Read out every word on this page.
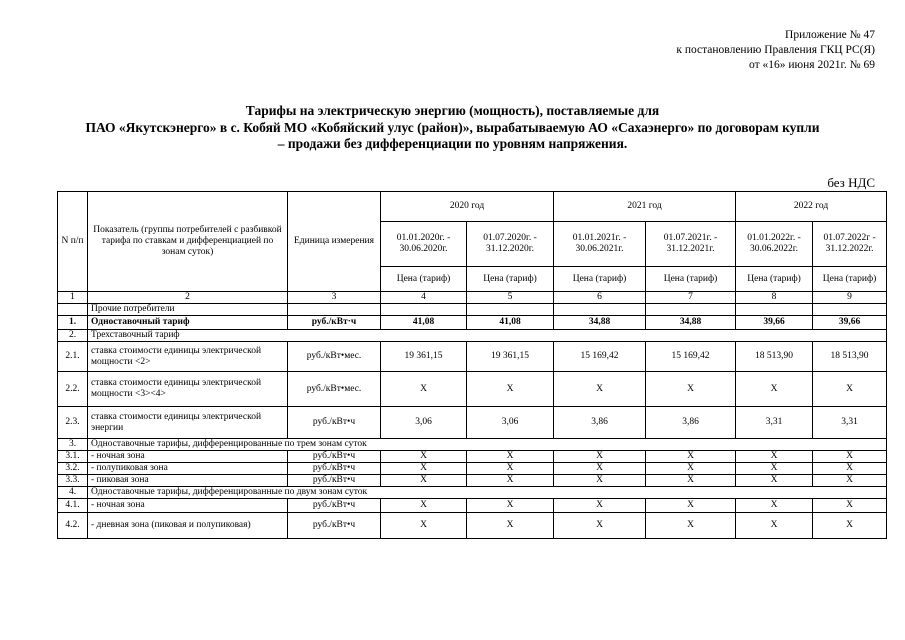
Приложение № 47
к постановлению Правления ГКЦ РС(Я)
от «16» июня 2021г. № 69
Тарифы на электрическую энергию (мощность), поставляемые для
ПАО «Якутскэнерго» в с. Кобяй МО «Кобяйский улус (район)», вырабатываемую АО «Сахаэнерго» по договорам купли
– продажи без дифференциации по уровням напряжения.
без НДС
N п/п	Показатель (группы потребителей с разбивкой тарифа по ставкам и дифференциацией по зонам суток)	Единица измерения	2020 год		2021 год		2022 год	
			01.01.2020г. - 30.06.2020г.	01.07.2020г. - 31.12.2020г.	01.01.2021г. - 30.06.2021г.	01.07.2021г. - 31.12.2021г.	01.01.2022г. - 30.06.2022г.	01.07.2022г - 31.12.2022г.
			Цена (тариф)	Цена (тариф)	Цена (тариф)	Цена (тариф)	Цена (тариф)	Цена (тариф)
1	2	3	4	5	6	7	8	9
	Прочие потребители							
1.	Одноставочный тариф	руб./кВт·ч	41,08	41,08	34,88	34,88	39,66	39,66
2.	Трехставочный тариф							
2.1.	ставка стоимости единицы электрической мощности <2>	руб./кВт•мес.	19 361,15	19 361,15	15 169,42	15 169,42	18 513,90	18 513,90
2.2.	ставка стоимости единицы электрической мощности <3><4>	руб./кВт•мес.	X	X	X	X	X	X
2.3.	ставка стоимости единицы электрической энергии	руб./кВт•ч	3,06	3,06	3,86	3,86	3,31	3,31
3.	Одноставочные тарифы, дифференцированные по трем зонам суток							
3.1.	- ночная зона	руб./кВт•ч	X	X	X	X	X	X
3.2.	- полупиковая зона	руб./кВт•ч	X	X	X	X	X	X
3.3.	- пиковая зона	руб./кВт•ч	X	X	X	X	X	X
4.	Одноставочные тарифы, дифференцированные по двум зонам суток							
4.1.	- ночная зона	руб./кВт•ч	X	X	X	X	X	X
4.2.	- дневная зона (пиковая и полупиковая)	руб./кВт•ч	X	X	X	X	X	X
